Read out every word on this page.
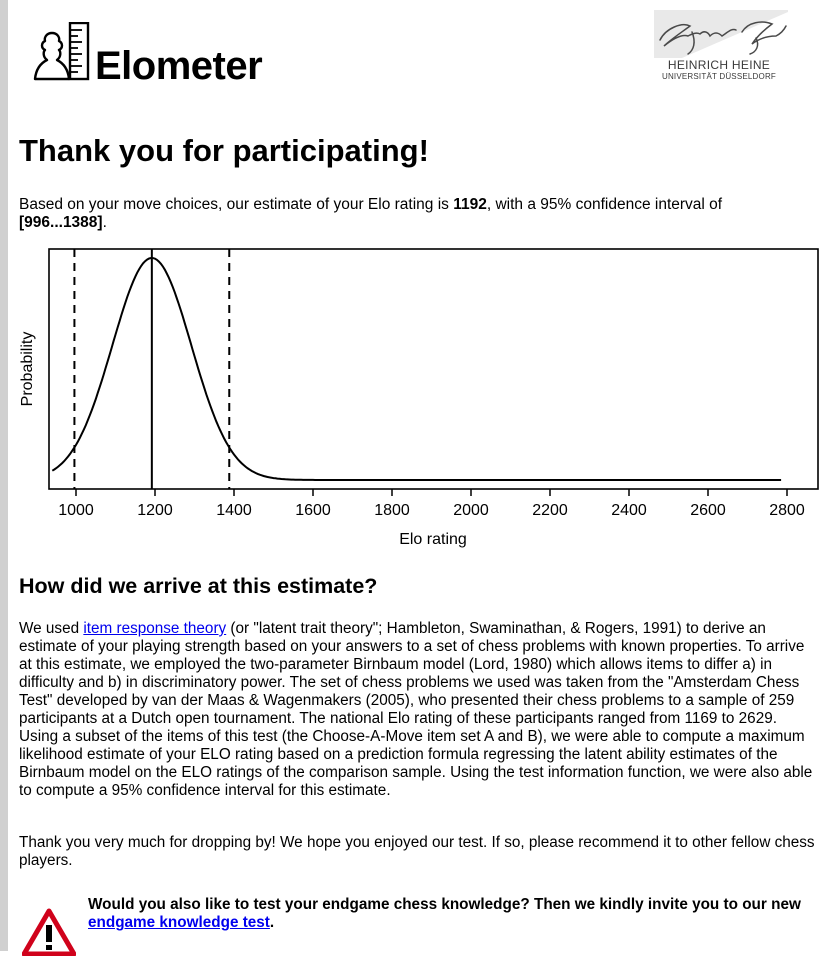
Elometer	HEINRICH HEINE
UNIVERSITÄT DÜSSELDORF
Thank you for participating!

Based on your move choices, our estimate of your Elo rating is 1192, with a 95% confidence interval of [996...1388].

1000	1200	1400	1600	1800	2000	2200	2400	2600	2800
Elo rating
Probability
How did we arrive at this estimate?

We used item response theory (or "latent trait theory"; Hambleton, Swaminathan, & Rogers, 1991) to derive an estimate of your playing strength based on your answers to a set of chess problems with known properties. To arrive at this estimate, we employed the two-parameter Birnbaum model (Lord, 1980) which allows items to differ a) in difficulty and b) in discriminatory power. The set of chess problems we used was taken from the "Amsterdam Chess Test" developed by van der Maas & Wagenmakers (2005), who presented their chess problems to a sample of 259 participants at a Dutch open tournament. The national Elo rating of these participants ranged from 1169 to 2629. Using a subset of the items of this test (the Choose-A-Move item set A and B), we were able to compute a maximum likelihood estimate of your ELO rating based on a prediction formula regressing the latent ability estimates of the Birnbaum model on the ELO ratings of the comparison sample. Using the test information function, we were also able to compute a 95% confidence interval for this estimate.

Thank you very much for dropping by! We hope you enjoyed our test. If so, please recommend it to other fellow chess players.

Would you also like to test your endgame chess knowledge? Then we kindly invite you to our new endgame knowledge test.
